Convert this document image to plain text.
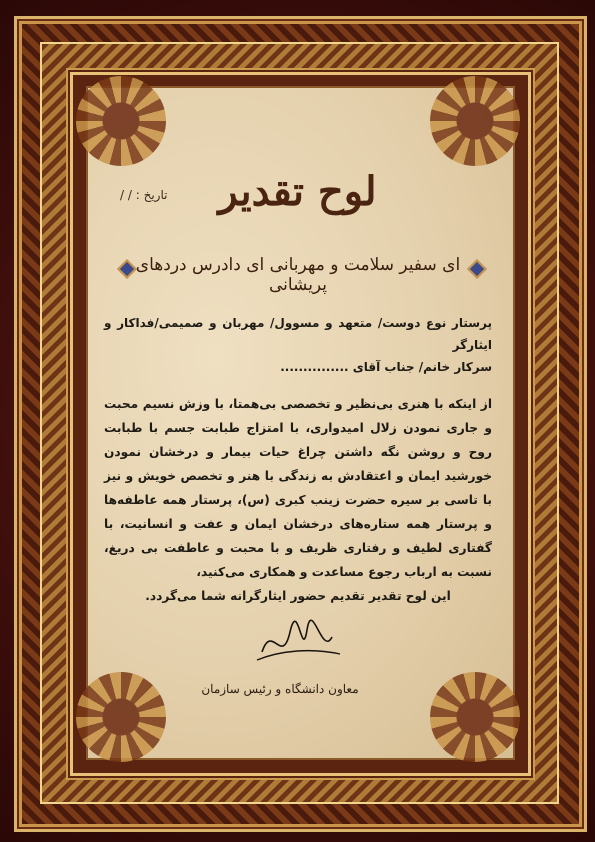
لوح تقدیر
تاریخ : / /
ای سفیر سلامت و مهربانی ای دادرس دردهای پریشانی
پرستار نوع دوست/ متعهد و مسوول/ مهربان و صمیمی/فداکار و ایثارگر
سرکار خانم/ جناب آقای ...............
از اینکه با هنری بی‌نظیر و تخصصی بی‌همتا، با وزش نسیم محبت و جاری نمودن زلال امیدواری، با امتزاج طبابت جسم با طبابت روح و روشن نگه داشتن چراغ حیات بیمار و درخشان نمودن خورشید ایمان و اعتقادش به زندگی با هنر و تخصص خویش و نیز با تاسی بر سیره حضرت زینب کبری (س)، پرستار همه عاطفه‌ها و پرستار همه ستاره‌های درخشان ایمان و عفت و انسانیت، با گفتاری لطیف و رفتاری ظریف و با محبت و عاطفت بی دریغ، نسبت به ارباب رجوع مساعدت و همکاری می‌کنید،
این لوح تقدیر تقدیم حضور ایثارگرانه شما می‌گردد.
معاون دانشگاه و رئیس سازمان
